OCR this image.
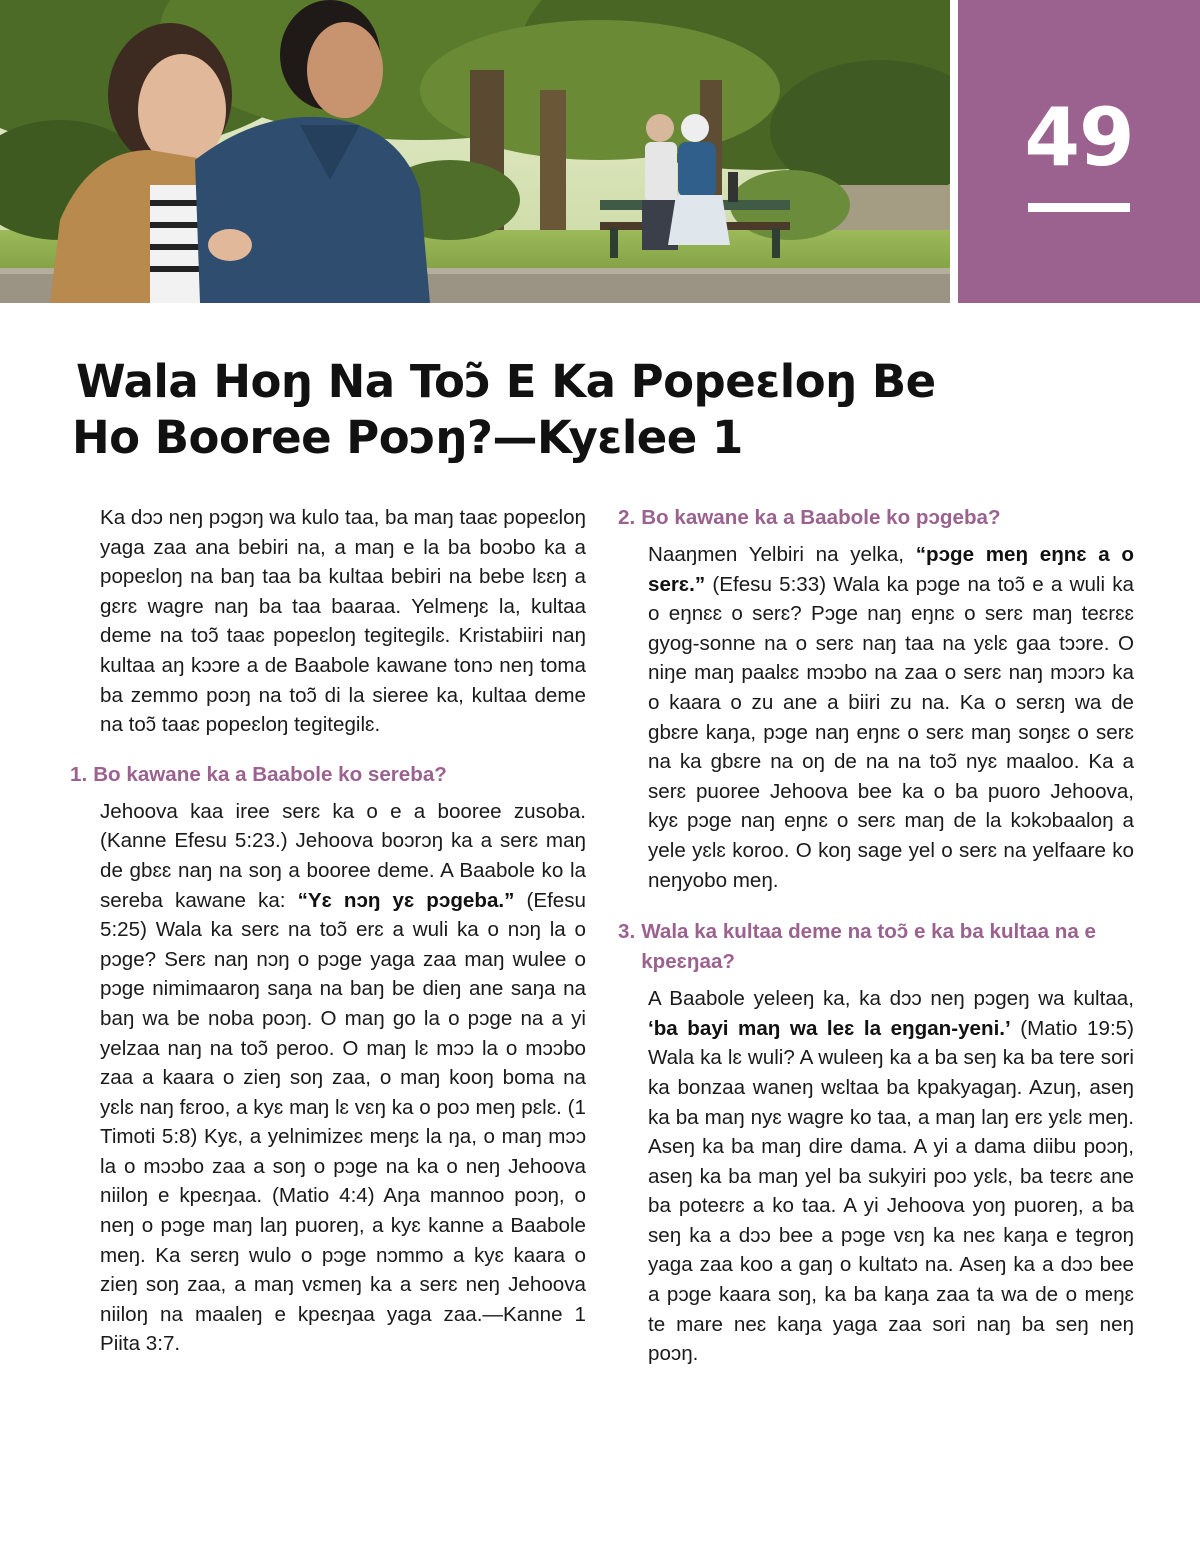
49
Wala Hoŋ Na Toɔ̃ E Ka Popeɛloŋ Be
Ho Booree Poɔŋ?—Kyɛlee 1

Ka dɔɔ neŋ pɔgɔŋ wa kulo taa, ba maŋ taaɛ popeɛloŋ yaga zaa ana bebiri na, a maŋ e la ba boɔbo ka a popeɛloŋ na baŋ taa ba kultaa bebiri na bebe lɛɛŋ a gɛrɛ wagre naŋ ba taa baaraa. Yelmeŋɛ la, kultaa deme na toɔ̃ taaɛ popeɛloŋ tegitegilɛ. Kristabiiri naŋ kultaa aŋ kɔɔre a de Baabole kawane tonɔ neŋ toma ba zemmo poɔŋ na toɔ̃ di la sieree ka, kultaa deme na toɔ̃ taaɛ popeɛloŋ tegitegilɛ.

1. Bo kawane ka a Baabole ko sereba?

Jehoova kaa iree serɛ ka o e a booree zusoba. (Kanne Efesu 5:23.) Jehoova boɔrɔŋ ka a serɛ maŋ de gbɛɛ naŋ na soŋ a booree deme. A Baabole ko la sereba kawane ka: “Yɛ nɔŋ yɛ pɔgeba.” (Efesu 5:25) Wala ka serɛ na toɔ̃ erɛ a wuli ka o nɔŋ la o pɔge? Serɛ naŋ nɔŋ o pɔge yaga zaa maŋ wulee o pɔge nimimaaroŋ saŋa na baŋ be dieŋ ane saŋa na baŋ wa be noba poɔŋ. O maŋ go la o pɔge na a yi yelzaa naŋ na toɔ̃ peroo. O maŋ lɛ mɔɔ la o mɔɔbo zaa a kaara o zieŋ soŋ zaa, o maŋ kooŋ boma na yɛlɛ naŋ fɛroo, a kyɛ maŋ lɛ vɛŋ ka o poɔ meŋ pɛlɛ. (1 Timoti 5:8) Kyɛ, a yelnimizeɛ meŋɛ la ŋa, o maŋ mɔɔ la o mɔɔbo zaa a soŋ o pɔge na ka o neŋ Jehoova niiloŋ e kpeɛŋaa. (Matio 4:4) Aŋa mannoo poɔŋ, o neŋ o pɔge maŋ laŋ puoreŋ, a kyɛ kanne a Baabole meŋ. Ka serɛŋ wulo o pɔge nɔmmo a kyɛ kaara o zieŋ soŋ zaa, a maŋ vɛmeŋ ka a serɛ neŋ Jehoova niiloŋ na maaleŋ e kpeɛŋaa yaga zaa.—Kanne 1 Piita 3:7.

2. Bo kawane ka a Baabole ko pɔgeba?

Naaŋmen Yelbiri na yelka, “pɔge meŋ eŋnɛ a o serɛ.” (Efesu 5:33) Wala ka pɔge na toɔ̃ e a wuli ka o eŋnɛɛ o serɛ? Pɔge naŋ eŋnɛ o serɛ maŋ teɛrɛɛ gyog-sonne na o serɛ naŋ taa na yɛlɛ gaa tɔɔre. O niŋe maŋ paalɛɛ mɔɔbo na zaa o serɛ naŋ mɔɔrɔ ka o kaara o zu ane a biiri zu na. Ka o serɛŋ wa de gbɛre kaŋa, pɔge naŋ eŋnɛ o serɛ maŋ soŋɛɛ o serɛ na ka gbɛre na oŋ de na na toɔ̃ nyɛ maaloo. Ka a serɛ puoree Jehoova bee ka o ba puoro Jehoova, kyɛ pɔge naŋ eŋnɛ o serɛ maŋ de la kɔkɔbaaloŋ a yele yɛlɛ koroo. O koŋ sage yel o serɛ na yelfaare ko neŋyobo meŋ.

3. Wala ka kultaa deme na toɔ̃ e ka ba kultaa na e kpeɛŋaa?

A Baabole yeleeŋ ka, ka dɔɔ neŋ pɔgeŋ wa kultaa, ‘ba bayi maŋ wa leɛ la eŋgan-yeni.’ (Matio 19:5) Wala ka lɛ wuli? A wuleeŋ ka a ba seŋ ka ba tere sori ka bonzaa waneŋ wɛltaa ba kpakyagaŋ. Azuŋ, aseŋ ka ba maŋ nyɛ wagre ko taa, a maŋ laŋ erɛ yɛlɛ meŋ. Aseŋ ka ba maŋ dire dama. A yi a dama diibu poɔŋ, aseŋ ka ba maŋ yel ba sukyiri poɔ yɛlɛ, ba teɛrɛ ane ba poteɛrɛ a ko taa. A yi Jehoova yoŋ puoreŋ, a ba seŋ ka a dɔɔ bee a pɔge vɛŋ ka neɛ kaŋa e tegroŋ yaga zaa koo a gaŋ o kultatɔ na. Aseŋ ka a dɔɔ bee a pɔge kaara soŋ, ka ba kaŋa zaa ta wa de o meŋɛ te mare neɛ kaŋa yaga zaa sori naŋ ba seŋ neŋ poɔŋ.
